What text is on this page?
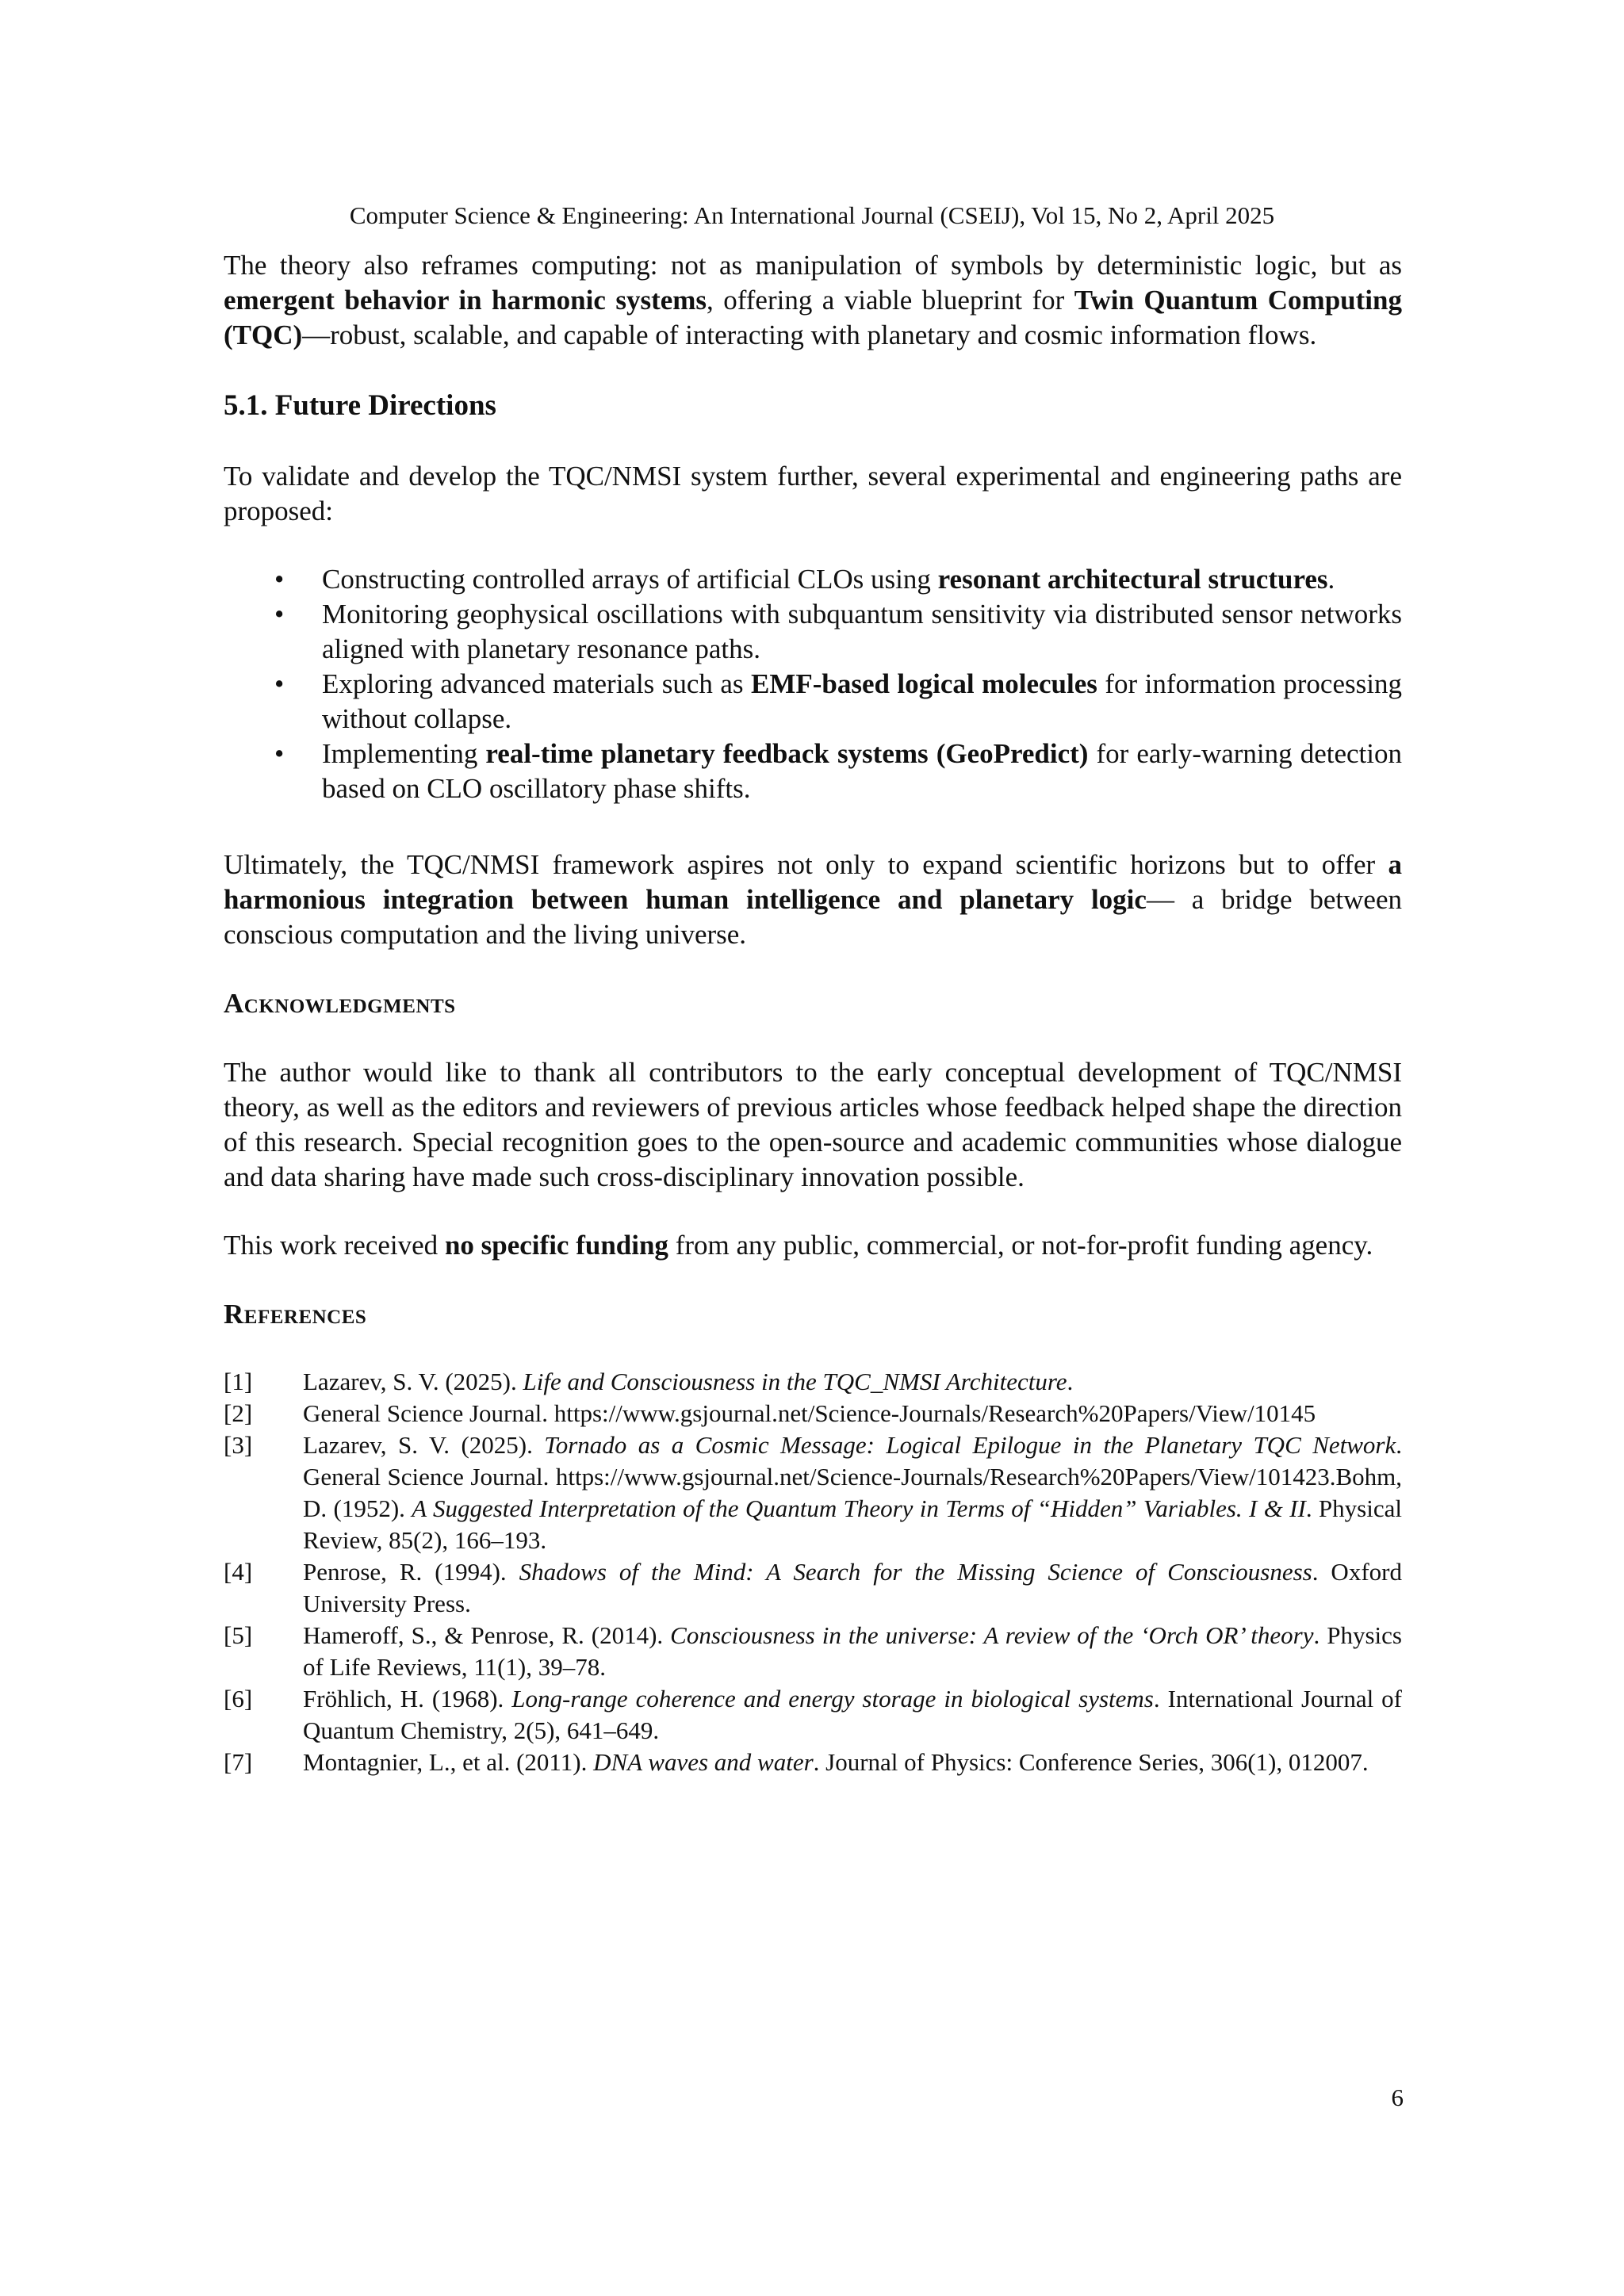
Computer Science & Engineering: An International Journal (CSEIJ), Vol 15, No 2, April 2025

The theory also reframes computing: not as manipulation of symbols by deterministic logic, but as emergent behavior in harmonic systems, offering a viable blueprint for Twin Quantum Computing (TQC)—robust, scalable, and capable of interacting with planetary and cosmic information flows.

5.1. Future Directions

To validate and develop the TQC/NMSI system further, several experimental and engineering paths are proposed:

• Constructing controlled arrays of artificial CLOs using resonant architectural structures.
• Monitoring geophysical oscillations with subquantum sensitivity via distributed sensor networks aligned with planetary resonance paths.
• Exploring advanced materials such as EMF-based logical molecules for information processing without collapse.
• Implementing real-time planetary feedback systems (GeoPredict) for early-warning detection based on CLO oscillatory phase shifts.

Ultimately, the TQC/NMSI framework aspires not only to expand scientific horizons but to offer a harmonious integration between human intelligence and planetary logic— a bridge between conscious computation and the living universe.

Acknowledgments

The author would like to thank all contributors to the early conceptual development of TQC/NMSI theory, as well as the editors and reviewers of previous articles whose feedback helped shape the direction of this research. Special recognition goes to the open-source and academic communities whose dialogue and data sharing have made such cross-disciplinary innovation possible.

This work received no specific funding from any public, commercial, or not-for-profit funding agency.

References
[1] Lazarev, S. V. (2025). Life and Consciousness in the TQC_NMSI Architecture.
[2] General Science Journal. https://www.gsjournal.net/Science-Journals/Research%20Papers/View/10145
[3] Lazarev, S. V. (2025). Tornado as a Cosmic Message: Logical Epilogue in the Planetary TQC Network. General Science Journal. https://www.gsjournal.net/Science-Journals/Research%20Papers/View/101423.Bohm, D. (1952). A Suggested Interpretation of the Quantum Theory in Terms of “Hidden” Variables. I & II. Physical Review, 85(2), 166–193.
[4] Penrose, R. (1994). Shadows of the Mind: A Search for the Missing Science of Consciousness. Oxford University Press.
[5] Hameroff, S., & Penrose, R. (2014). Consciousness in the universe: A review of the ‘Orch OR’ theory. Physics of Life Reviews, 11(1), 39–78.
[6] Fröhlich, H. (1968). Long-range coherence and energy storage in biological systems. International Journal of Quantum Chemistry, 2(5), 641–649.
[7] Montagnier, L., et al. (2011). DNA waves and water. Journal of Physics: Conference Series, 306(1), 012007.
6
